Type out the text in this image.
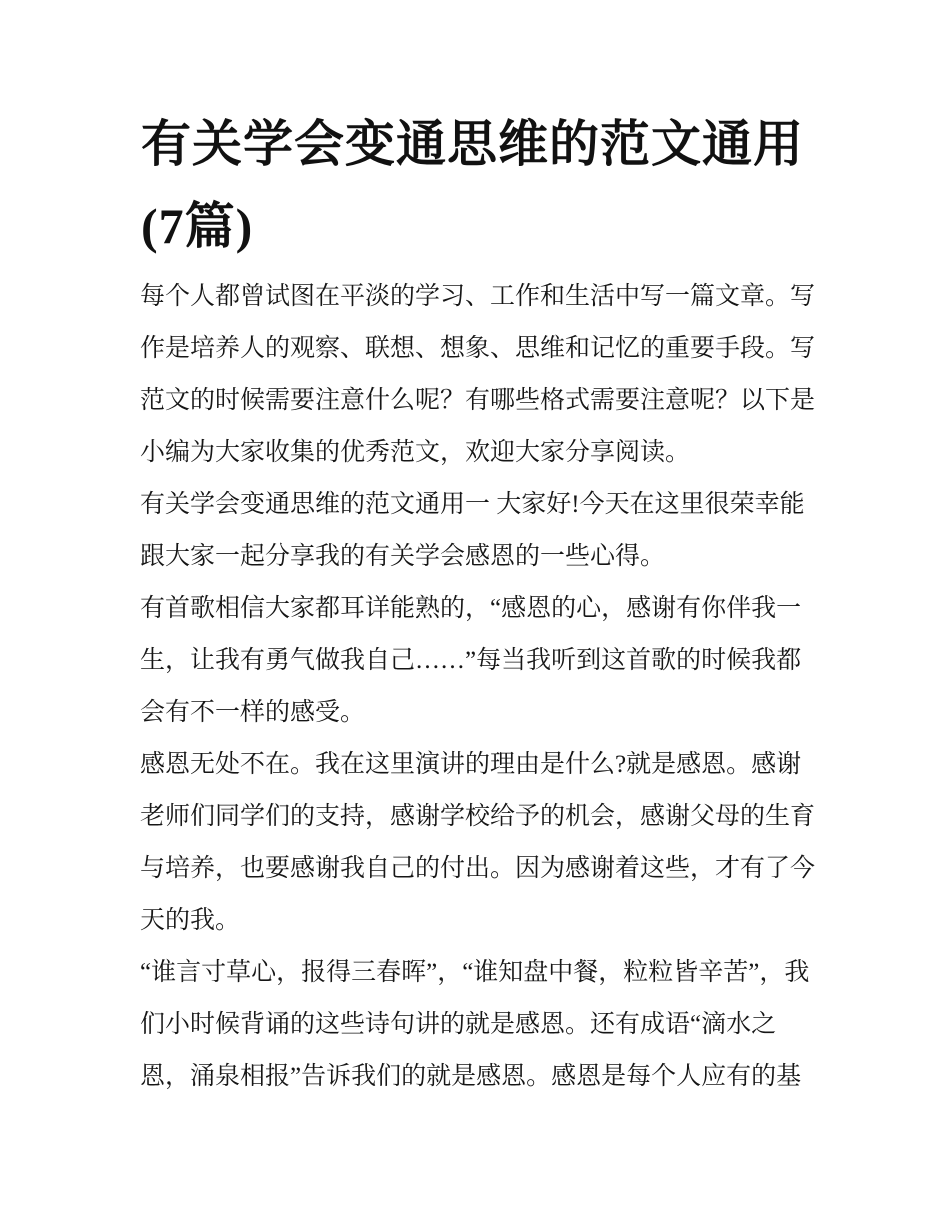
有关学会变通思维的范文通用
(7篇)
每个人都曾试图在平淡的学习、工作和生活中写一篇文章。写
作是培养人的观察、联想、想象、思维和记忆的重要手段。写
范文的时候需要注意什么呢？有哪些格式需要注意呢？以下是
小编为大家收集的优秀范文，欢迎大家分享阅读。
有关学会变通思维的范文通用一 大家好!今天在这里很荣幸能
跟大家一起分享我的有关学会感恩的一些心得。
有首歌相信大家都耳详能熟的，“感恩的心，感谢有你伴我一
生，让我有勇气做我自己……”每当我听到这首歌的时候我都
会有不一样的感受。
感恩无处不在。我在这里演讲的理由是什么?就是感恩。感谢
老师们同学们的支持，感谢学校给予的机会，感谢父母的生育
与培养，也要感谢我自己的付出。因为感谢着这些，才有了今
天的我。
“谁言寸草心，报得三春晖”，“谁知盘中餐，粒粒皆辛苦”，我
们小时候背诵的这些诗句讲的就是感恩。还有成语“滴水之
恩，涌泉相报”告诉我们的就是感恩。感恩是每个人应有的基
